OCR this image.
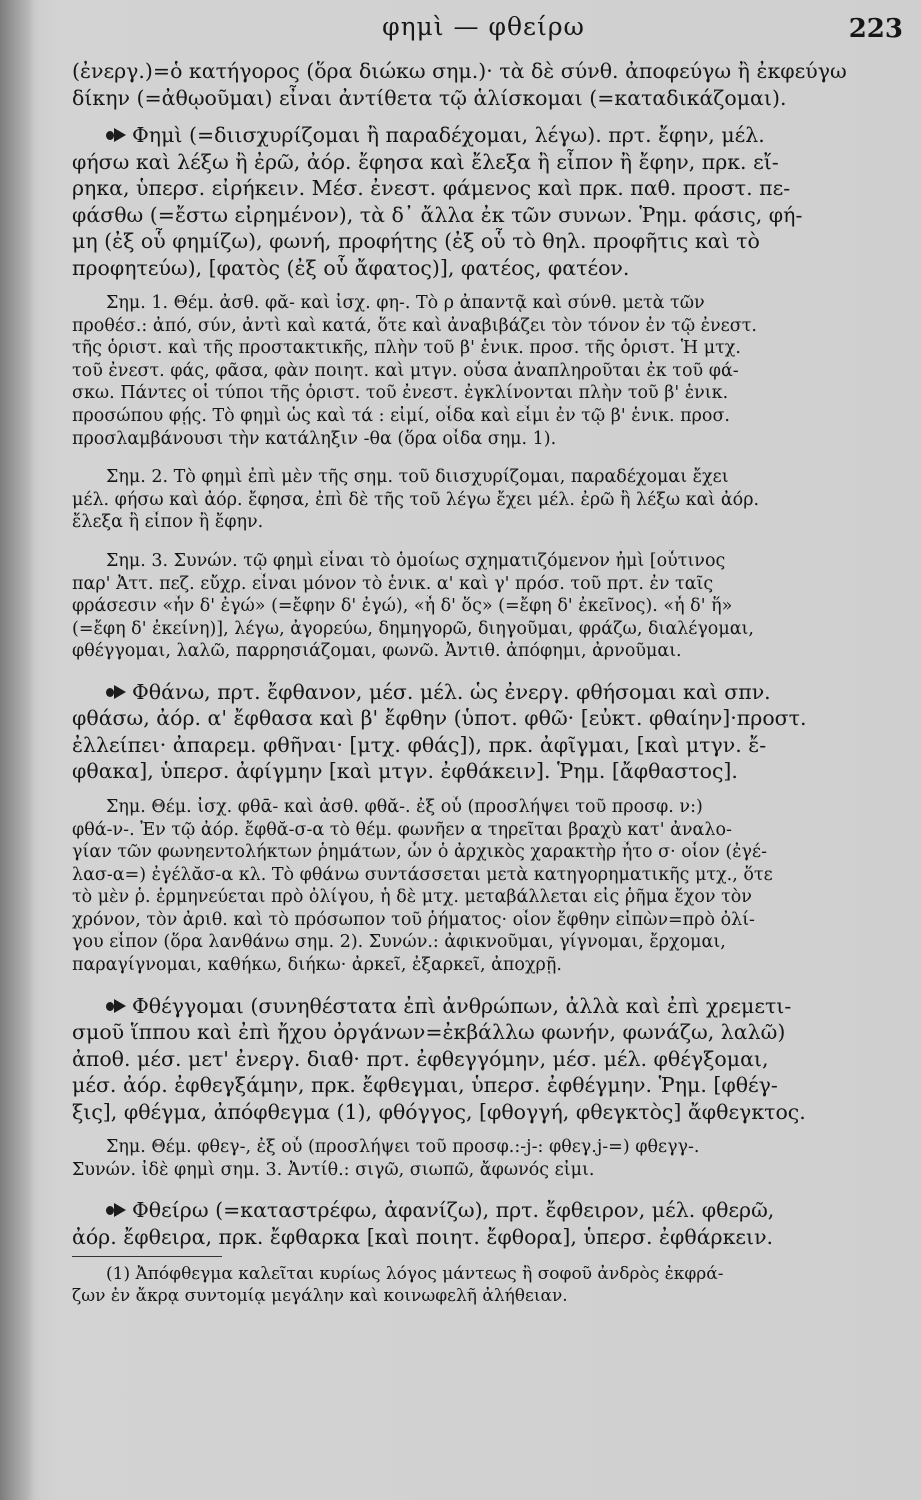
φημὶ — φθείρω	223
(ἐνεργ.)=ὁ κατήγορος (ὅρα διώκω σημ.)· τὰ δὲ σύνθ. ἀποφεύγω ἢ ἐκφεύγω
δίκην (=ἀθῳοῦμαι) εἶναι ἀντίθετα τῷ ἁλίσκομαι (=καταδικάζομαι).
Φημὶ (=διισχυρίζομαι ἢ παραδέχομαι, λέγω). πρτ. ἔφην, μέλ.
φήσω καὶ λέξω ἢ ἐρῶ, ἀόρ. ἔφησα καὶ ἔλεξα ἢ εἶπον ἢ ἔφην, πρκ. εἴ-
ρηκα, ὑπερσ. εἰρήκειν. Μέσ. ἐνεστ. φάμενος καὶ πρκ. παθ. προστ. πε-
φάσθω (=ἔστω εἰρημένον), τὰ δ᾿ ἄλλα ἐκ τῶν συνων. Ῥημ. φάσις, φή-
μη (ἐξ οὗ φημίζω), φωνή, προφήτης (ἐξ οὗ τὸ θηλ. προφῆτις καὶ τὸ
προφητεύω), [φατὸς (ἐξ οὗ ἄφατος)], φατέος, φατέον.
Σημ. 1. Θέμ. ἀσθ. φᾰ- καὶ ἰσχ. φη-. Τὸ ρ ἀπαντᾷ καὶ σύνθ. μετὰ τῶν
προθέσ.: ἀπό, σύν, ἀντὶ καὶ κατά, ὅτε καὶ ἀναβιβάζει τὸν τόνον ἐν τῷ ἐνεστ.
τῆς ὁριστ. καὶ τῆς προστακτικῆς, πλὴν τοῦ β' ἑνικ. προσ. τῆς ὁριστ. Ἡ μτχ.
τοῦ ἐνεστ. φάς, φᾶσα, φὰν ποιητ. καὶ μτγν. οὖσα ἀναπληροῦται ἐκ τοῦ φά-
σκω. Πάντες οἱ τύποι τῆς ὁριστ. τοῦ ἐνεστ. ἐγκλίνονται πλὴν τοῦ β' ἑνικ.
προσώπου φῄς. Τὸ φημὶ ὡς καὶ τά : εἰμί, οἶδα καὶ εἶμι ἐν τῷ β' ἑνικ. προσ.
προσλαμβάνουσι τὴν κατάληξιν -θα (ὅρα οἶδα σημ. 1).
Σημ. 2. Τὸ φημὶ ἐπὶ μὲν τῆς σημ. τοῦ διισχυρίζομαι, παραδέχομαι ἔχει
μέλ. φήσω καὶ ἀόρ. ἔφησα, ἐπὶ δὲ τῆς τοῦ λέγω ἔχει μέλ. ἐρῶ ἢ λέξω καὶ ἀόρ.
ἔλεξα ἢ εἶπον ἢ ἔφην.
Σημ. 3. Συνών. τῷ φημὶ εἶναι τὸ ὁμοίως σχηματιζόμενον ἠμὶ [οὗτινος
παρ' Ἀττ. πεζ. εὔχρ. εἶναι μόνον τὸ ἑνικ. α' καὶ γ' πρόσ. τοῦ πρτ. ἐν ταῖς
φράσεσιν «ἦν δ' ἐγώ» (=ἔφην δ' ἐγώ), «ἦ δ' ὅς» (=ἔφη δ' ἐκεῖνος). «ἦ δ' ἥ»
(=ἔφη δ' ἐκείνη)], λέγω, ἀγορεύω, δημηγορῶ, διηγοῦμαι, φράζω, διαλέγομαι,
φθέγγομαι, λαλῶ, παρρησιάζομαι, φωνῶ. Ἀντιθ. ἀπόφημι, ἀρνοῦμαι.
Φθάνω, πρτ. ἔφθανον, μέσ. μέλ. ὡς ἐνεργ. φθήσομαι καὶ σπν.
φθάσω, ἀόρ. α' ἔφθασα καὶ β' ἔφθην (ὑποτ. φθῶ· [εὐκτ. φθαίην]·προστ.
ἐλλείπει· ἀπαρεμ. φθῆναι· [μτχ. φθάς]), πρκ. ἀφῖγμαι, [καὶ μτγν. ἔ-
φθακα], ὑπερσ. ἀφίγμην [καὶ μτγν. ἐφθάκειν]. Ῥημ. [ἄφθαστος].
Σημ. Θέμ. ἰσχ. φθᾱ- καὶ ἀσθ. φθᾰ-. ἐξ οὗ (προσλήψει τοῦ προσφ. ν:)
φθά-ν-. Ἐν τῷ ἀόρ. ἔφθᾰ-σ-α τὸ θέμ. φωνῆεν α τηρεῖται βραχὺ κατ' ἀναλο-
γίαν τῶν φωνηεντολήκτων ῥημάτων, ὧν ὁ ἀρχικὸς χαρακτὴρ ἦτο σ· οἷον (ἐγέ-
λασ-α=) ἐγέλᾰσ-α κλ. Τὸ φθάνω συντάσσεται μετὰ κατηγορηματικῆς μτχ., ὅτε
τὸ μὲν ῥ. ἑρμηνεύεται πρὸ ὀλίγου, ἡ δὲ μτχ. μεταβάλλεται εἰς ῥῆμα ἔχον τὸν
χρόνον, τὸν ἀριθ. καὶ τὸ πρόσωπον τοῦ ῥήματος· οἷον ἔφθην εἰπὼν=πρὸ ὀλί-
γου εἶπον (ὅρα λανθάνω σημ. 2). Συνών.: ἀφικνοῦμαι, γίγνομαι, ἔρχομαι,
παραγίγνομαι, καθήκω, διήκω· ἀρκεῖ, ἐξαρκεῖ, ἀποχρῇ.
Φθέγγομαι (συνηθέστατα ἐπὶ ἀνθρώπων, ἀλλὰ καὶ ἐπὶ χρεμετι-
σμοῦ ἵππου καὶ ἐπὶ ἤχου ὀργάνων=ἐκβάλλω φωνήν, φωνάζω, λαλῶ)
ἀποθ. μέσ. μετ' ἐνεργ. διαθ· πρτ. ἐφθεγγόμην, μέσ. μέλ. φθέγξομαι,
μέσ. ἀόρ. ἐφθεγξάμην, πρκ. ἔφθεγμαι, ὑπερσ. ἐφθέγμην. Ῥημ. [φθέγ-
ξις], φθέγμα, ἀπόφθεγμα (1), φθόγγος, [φθογγή, φθεγκτὸς] ἄφθεγκτος.
Σημ. Θέμ. φθεγ-, ἐξ οὗ (προσλήψει τοῦ προσφ.:-j-: φθεγ.j-=) φθεγγ-.
Συνών. ἰδὲ φημὶ σημ. 3. Ἀντίθ.: σιγῶ, σιωπῶ, ἄφωνός εἰμι.
Φθείρω (=καταστρέφω, ἀφανίζω), πρτ. ἔφθειρον, μέλ. φθερῶ,
ἀόρ. ἔφθειρα, πρκ. ἔφθαρκα [καὶ ποιητ. ἔφθορα], ὑπερσ. ἐφθάρκειν.
(1) Ἀπόφθεγμα καλεῖται κυρίως λόγος μάντεως ἢ σοφοῦ ἀνδρὸς ἐκφρά-
ζων ἐν ἄκρᾳ συντομίᾳ μεγάλην καὶ κοινωφελῆ ἀλήθειαν.
